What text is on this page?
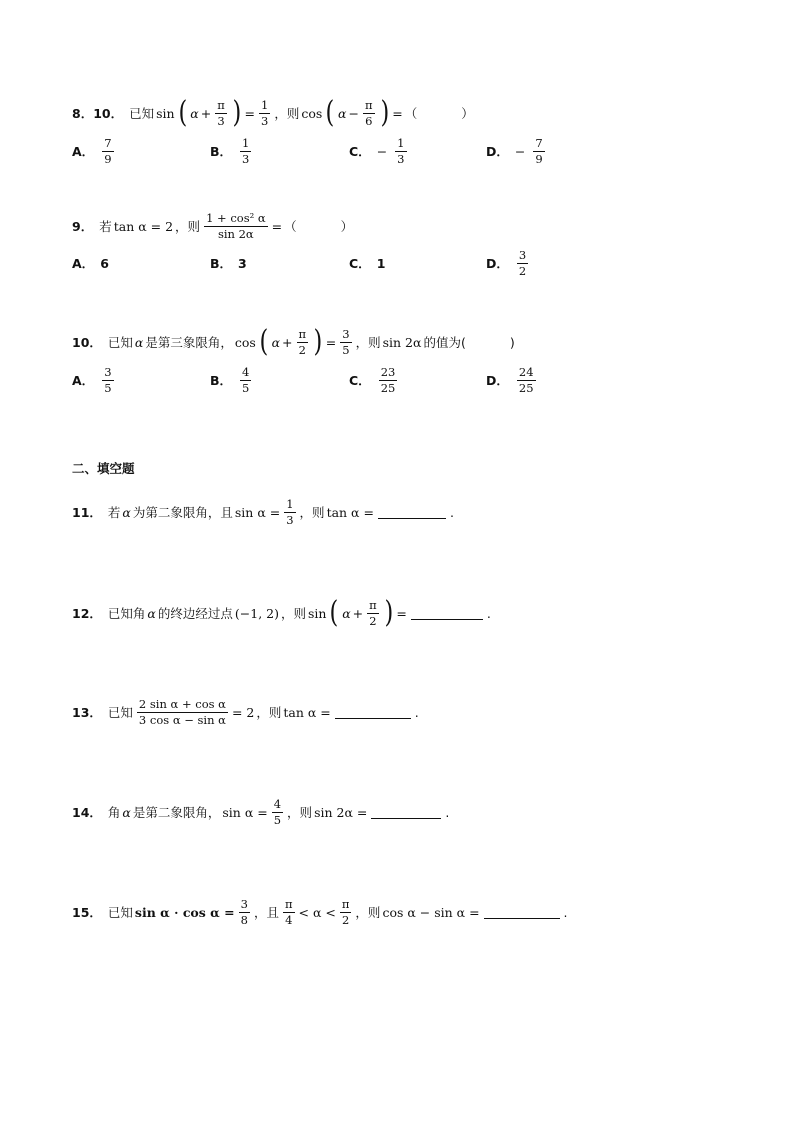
8．10． 已知 sin ( $\alpha + \frac{\pi}{3}$ ) = $\frac{1}{3}$ ，则 cos ( $\alpha - \frac{\pi}{6}$ ) = （	）
A． $\frac{7}{9}$	B． $\frac{1}{3}$	C． − $\frac{1}{3}$	D． − $\frac{7}{9}$
9． 若 tan α = 2 ，则 $\frac{\text{1 + cos² α}}{\sin 2\alpha}$ = （	）
A． 6	B． 3	C． 1	D． $\frac{3}{2}$
10． 已知 α 是第三象限角， cos ( $\alpha + \frac{\pi}{2}$ ) = $\frac{3}{5}$ ，则 sin 2α 的值为(	)
A． $\frac{3}{5}$	B． $\frac{4}{5}$	C． $\frac{23}{25}$	D． $\frac{24}{25}$
二、填空题
11． 若 α 为第二象限角，且 $\sin \alpha = \frac{1}{3}$ ，则 tan α =	.
12． 已知角 α 的终边经过点 (−1, 2) ，则 sin ( $\alpha + \frac{\pi}{2}$ ) =	.
13． 已知 $\frac{\text{2 sin α + cos α}}{\text{3 cos α − sin α}} = 2$ ，则 tan α =	.
14． 角 α 是第二象限角， $\sin \alpha = \frac{4}{5}$ ，则 sin 2α =	.
15． 已知 $\sin \alpha \cdot \cos \alpha = \frac{3}{8}$ ，且 $\frac{\pi}{4} < \alpha < \frac{\pi}{2}$ ，则 cos α − sin α =	.
